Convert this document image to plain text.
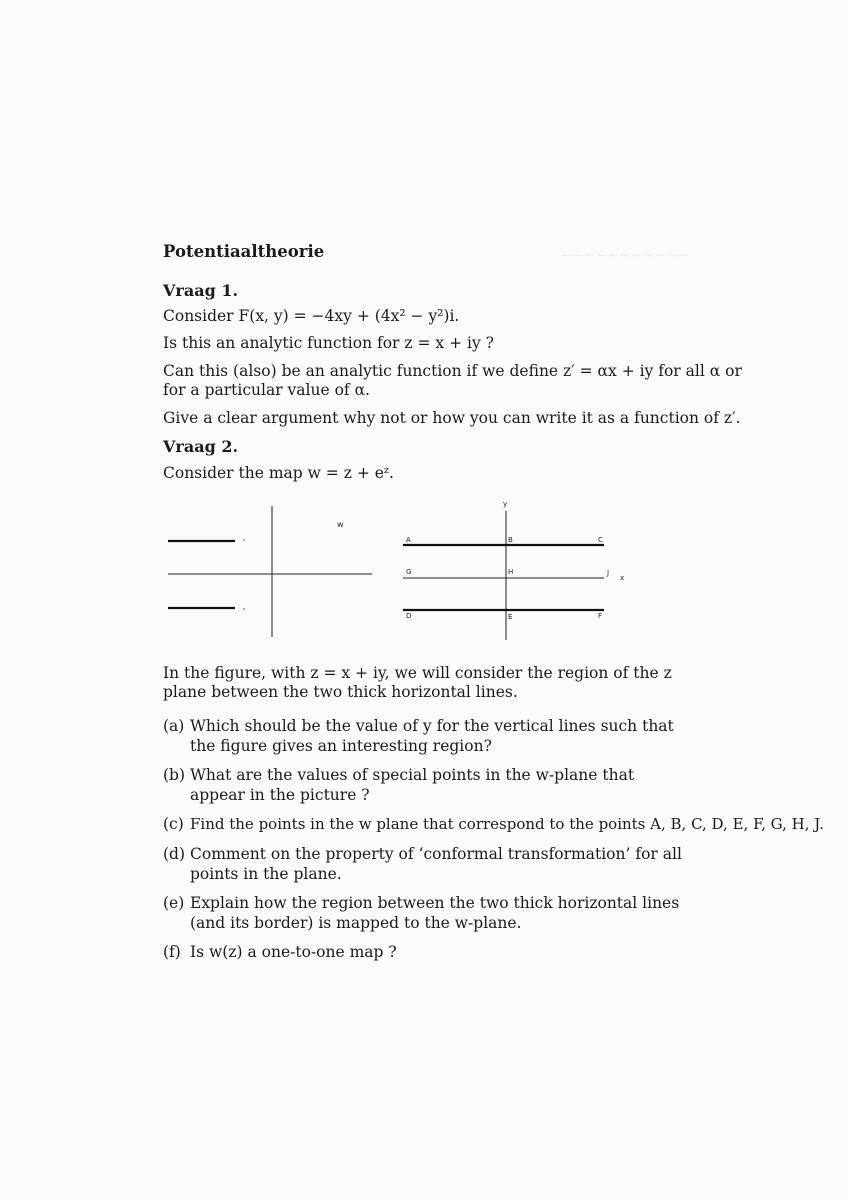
~~~~~~~~~~~
Potentiaaltheorie
Vraag 1.
Consider F(x, y) = −4xy + (4x² − y²)i.
Is this an analytic function for z = x + iy ?
Can this (also) be an analytic function if we define z′ = αx + iy for all α or
for a particular value of α.
Give a clear argument why not or how you can write it as a function of z′.
Vraag 2.
Consider the map w = z + eᶻ.
w
y
x
A	B	C
G	H	J
D	E	F
In the figure, with z = x + iy, we will consider the region of the z plane between the two thick horizontal lines.
(a) Which should be the value of y for the vertical lines such that the figure gives an interesting region?
(b) What are the values of special points in the w-plane that appear in the picture ?
(c) Find the points in the w plane that correspond to the points A, B, C, D, E, F, G, H, J.
(d) Comment on the property of ‘conformal transformation’ for all points in the plane.
(e) Explain how the region between the two thick horizontal lines (and its border) is mapped to the w-plane.
(f) Is w(z) a one-to-one map ?
